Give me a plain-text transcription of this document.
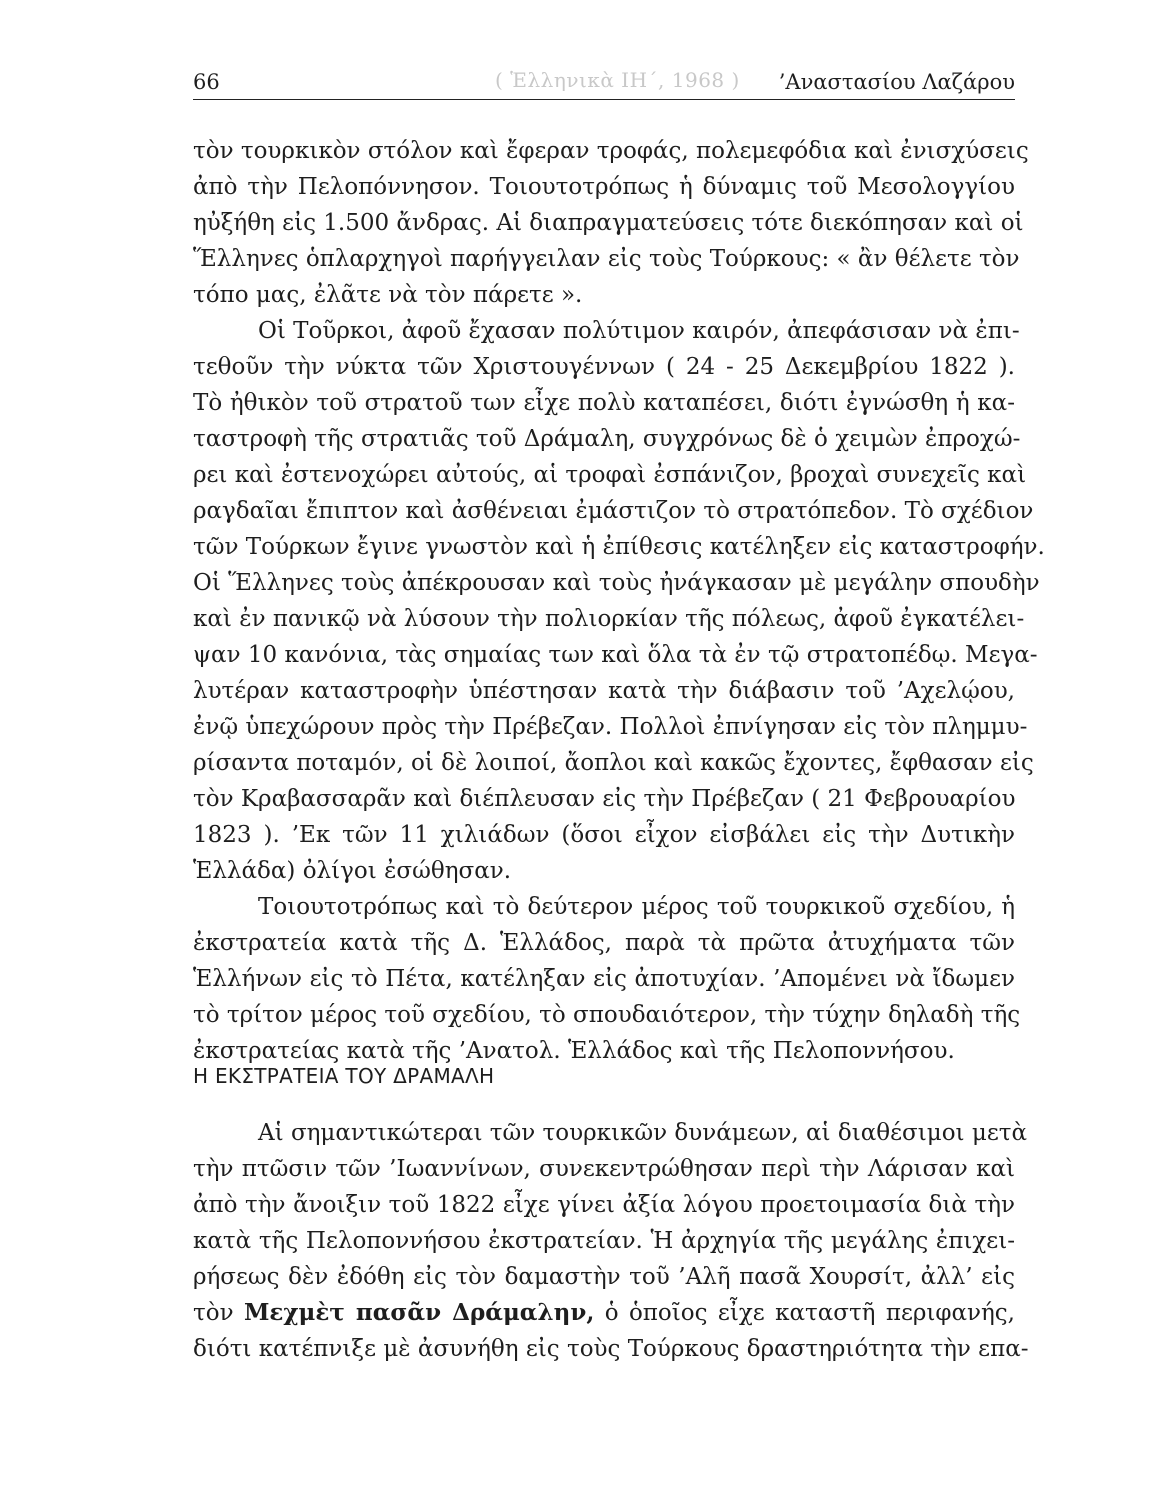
66	’Αναστασίου Λαζάρου
( Ἑλληνικὰ ΙΗ΄, 1968 )
τὸν τουρκικὸν στόλον καὶ ἔφεραν τροφάς, πολεμεφόδια καὶ ἐνισχύσεις
ἀπὸ τὴν Πελοπόννησον. Τοιουτοτρόπως ἡ δύναμις τοῦ Μεσολογγίου
ηὐξήθη εἰς 1.500 ἄνδρας. Αἱ διαπραγματεύσεις τότε διεκόπησαν καὶ οἱ
Ἕλληνες ὁπλαρχηγοὶ παρήγγειλαν εἰς τοὺς Τούρκους: « ἂν θέλετε τὸν
τόπο μας, ἐλᾶτε νὰ τὸν πάρετε ».
Οἱ Τοῦρκοι, ἀφοῦ ἔχασαν πολύτιμον καιρόν, ἀπεφάσισαν νὰ ἐπι-
τεθοῦν τὴν νύκτα τῶν Χριστουγέννων ( 24 - 25 Δεκεμβρίου 1822 ).
Τὸ ἠθικὸν τοῦ στρατοῦ των εἶχε πολὺ καταπέσει, διότι ἐγνώσθη ἡ κα-
ταστροφὴ τῆς στρατιᾶς τοῦ Δράμαλη, συγχρόνως δὲ ὁ χειμὼν ἐπροχώ-
ρει καὶ ἐστενοχώρει αὐτούς, αἱ τροφαὶ ἐσπάνιζον, βροχαὶ συνεχεῖς καὶ
ραγδαῖαι ἔπιπτον καὶ ἀσθένειαι ἐμάστιζον τὸ στρατόπεδον. Τὸ σχέδιον
τῶν Τούρκων ἔγινε γνωστὸν καὶ ἡ ἐπίθεσις κατέληξεν εἰς καταστροφήν.
Οἱ Ἕλληνες τοὺς ἀπέκρουσαν καὶ τοὺς ἠνάγκασαν μὲ μεγάλην σπουδὴν
καὶ ἐν πανικῷ νὰ λύσουν τὴν πολιορκίαν τῆς πόλεως, ἀφοῦ ἐγκατέλει-
ψαν 10 κανόνια, τὰς σημαίας των καὶ ὅλα τὰ ἐν τῷ στρατοπέδῳ. Μεγα-
λυτέραν καταστροφὴν ὑπέστησαν κατὰ τὴν διάβασιν τοῦ ’Αχελῴου,
ἐνῷ ὑπεχώρουν πρὸς τὴν Πρέβεζαν. Πολλοὶ ἐπνίγησαν εἰς τὸν πλημμυ-
ρίσαντα ποταμόν, οἱ δὲ λοιποί, ἄοπλοι καὶ κακῶς ἔχοντες, ἔφθασαν εἰς
τὸν Κραβασσαρᾶν καὶ διέπλευσαν εἰς τὴν Πρέβεζαν ( 21 Φεβρουαρίου
1823 ). ’Εκ τῶν 11 χιλιάδων (ὅσοι εἶχον εἰσβάλει εἰς τὴν Δυτικὴν
Ἑλλάδα) ὀλίγοι ἐσώθησαν.
Τοιουτοτρόπως καὶ τὸ δεύτερον μέρος τοῦ τουρκικοῦ σχεδίου, ἡ
ἐκστρατεία κατὰ τῆς Δ. Ἑλλάδος, παρὰ τὰ πρῶτα ἀτυχήματα τῶν
Ἑλλήνων εἰς τὸ Πέτα, κατέληξαν εἰς ἀποτυχίαν. ’Απομένει νὰ ἴδωμεν
τὸ τρίτον μέρος τοῦ σχεδίου, τὸ σπουδαιότερον, τὴν τύχην δηλαδὴ τῆς
ἐκστρατείας κατὰ τῆς ’Ανατολ. Ἑλλάδος καὶ τῆς Πελοποννήσου.
Η ΕΚΣΤΡΑΤΕΙΑ ΤΟΥ ΔΡΑΜΑΛΗ
Αἱ σημαντικώτεραι τῶν τουρκικῶν δυνάμεων, αἱ διαθέσιμοι μετὰ
τὴν πτῶσιν τῶν ’Ιωαννίνων, συνεκεντρώθησαν περὶ τὴν Λάρισαν καὶ
ἀπὸ τὴν ἄνοιξιν τοῦ 1822 εἶχε γίνει ἀξία λόγου προετοιμασία διὰ τὴν
κατὰ τῆς Πελοποννήσου ἐκστρατείαν. Ἡ ἀρχηγία τῆς μεγάλης ἐπιχει-
ρήσεως δὲν ἐδόθη εἰς τὸν δαμαστὴν τοῦ ’Αλῆ πασᾶ Χουρσίτ, ἀλλ’ εἰς
τὸν Μεχμὲτ πασᾶν Δράμαλην, ὁ ὁποῖος εἶχε καταστῆ περιφανής,
διότι κατέπνιξε μὲ ἀσυνήθη εἰς τοὺς Τούρκους δραστηριότητα τὴν επα-
